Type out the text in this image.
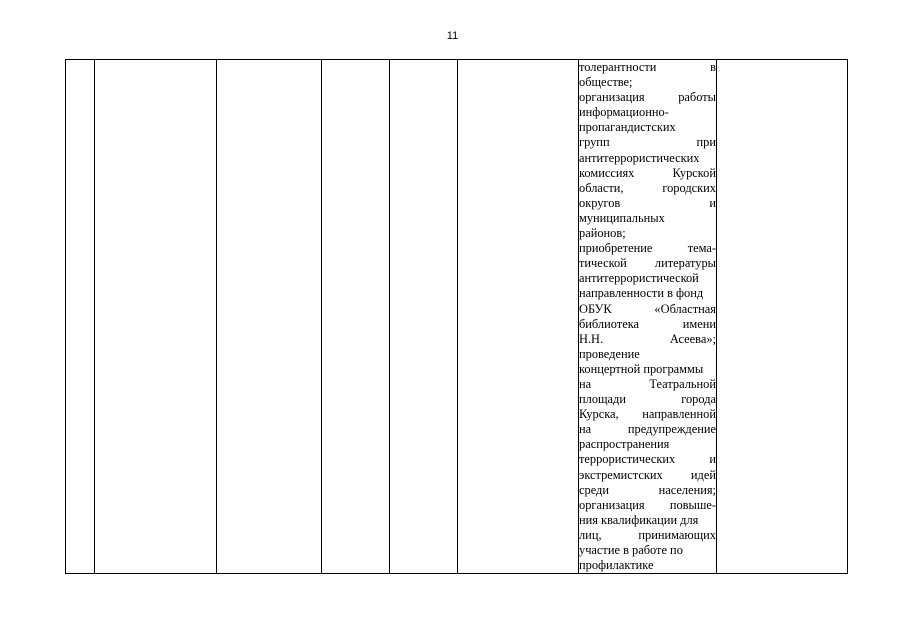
11

толерантности	в
обществе;
организация	работы
информационно-
пропагандистских
групп	при
антитеррористических
комиссиях	Курской
области,	городских
округов	и
муниципальных
районов;
приобретение	тема-
тической литературы
антитеррористической
направленности в фонд
ОБУК	«Областная
библиотека	имени
Н.Н.	Асеева»;
проведение
концертной программы
на	Театральной
площади	города
Курска, направленной
на	предупреждение
распространения
террористических	и
экстремистских идей
среди	населения;
организация повыше-
ния квалификации для
лиц,	принимающих
участие в работе по
профилактике
